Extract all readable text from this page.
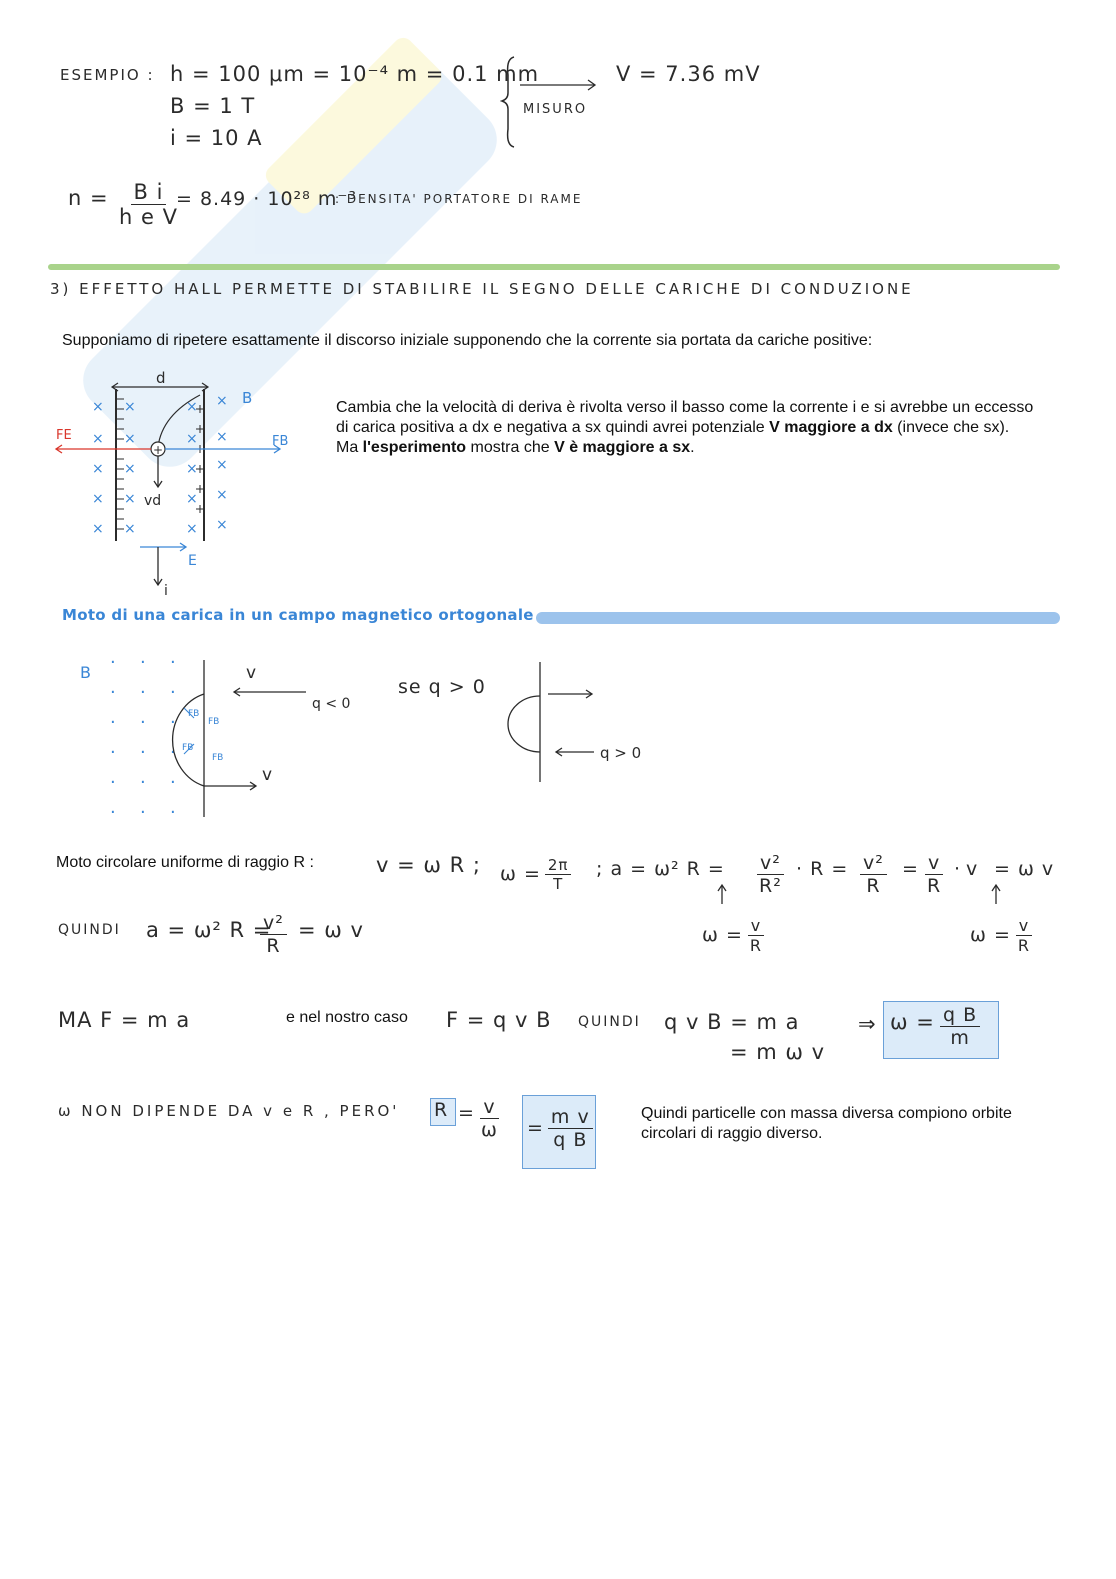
ESEMPIO : h = 100 μm = 10⁻⁴ m = 0.1 mm
B = 1 T
i = 10 A
MISURO
V = 7.36 mV
$n = \frac{\text{B i}}{\text{h e V}}$
= 8.49 · 10²⁸ m⁻³
: DENSITA' PORTATORE DI RAME
3) EFFETTO HALL PERMETTE DI STABILIRE IL SEGNO DELLE CARICHE DI CONDUZIONE
Supponiamo di ripetere esattamente il discorso iniziale supponendo che la corrente sia portata da cariche positive:
d
×
×
×
×
×
×
×
×
×
×
×
×
×
×
×
×
×
×
×
×
B
+
FE	FB
vd
E
i
Cambia che la velocità di deriva è rivolta verso il basso come la corrente i e si avrebbe un eccesso di carica positiva a dx e negativa a sx quindi avrei potenziale V maggiore a dx (invece che sx).
Ma l'esperimento mostra che V è maggiore a sx.
Moto di una carica in un campo magnetico ortogonale
B · · ·
· · ·
· · ·
· · ·
· · ·
· · ·
v
q < 0
v
FB
FB
FB
FB
se q > 0
q > 0
Moto circolare uniforme di raggio R :	v = ω R ; $\omega = \frac{2\pi}{T}$ ; a = ω² $R = \frac{\text{v²}}{\text{R²}} \cdot R = \frac{\text{v²}}{R} = \frac{v}{R} \cdot v = \omega$ v
$\omega = \frac{v}{R}$	$\omega = \frac{v}{R}$
QUINDI a = ω² R =
$\frac{\text{v²}}{R} = \omega$ v
MA F = m a	e nel nostro caso F = q v B QUINDI q v B = m a
= m ω v
⇒ $\omega = \frac{\text{q B}}{m}$
ω NON DIPENDE DA v e R , PERO' $R = \frac{v}{\omega} = \frac{\text{m v}}{\text{q B}}$	Quindi particelle con massa diversa compiono orbite circolari di raggio diverso.
